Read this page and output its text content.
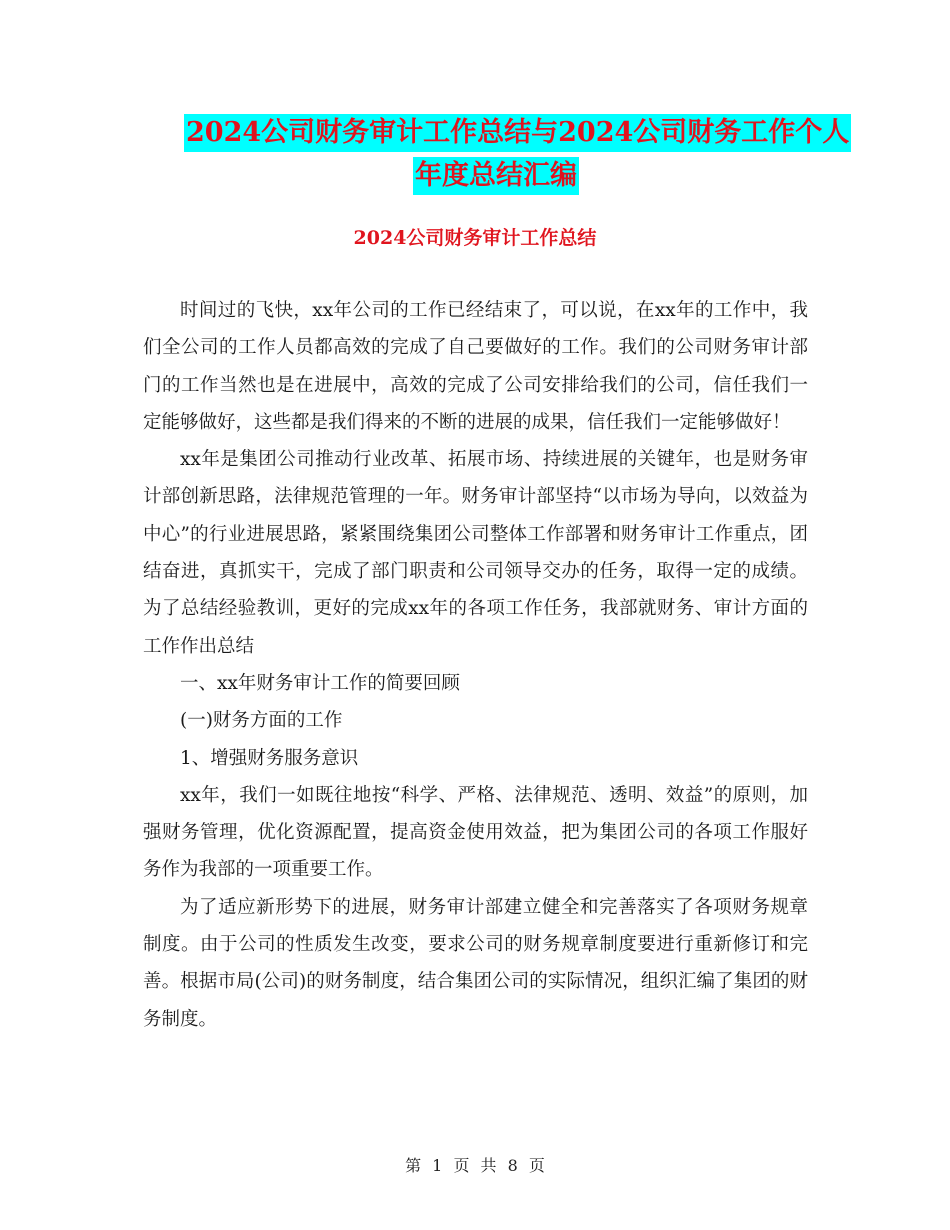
2024公司财务审计工作总结与2024公司财务工作个人
年度总结汇编
2024公司财务审计工作总结

时间过的飞快，xx年公司的工作已经结束了，可以说，在xx年的工作中，我们全公司的工作人员都高效的完成了自己要做好的工作。我们的公司财务审计部门的工作当然也是在进展中，高效的完成了公司安排给我们的公司，信任我们一定能够做好，这些都是我们得来的不断的进展的成果，信任我们一定能够做好！

xx年是集团公司推动行业改革、拓展市场、持续进展的关键年，也是财务审计部创新思路，法律规范管理的一年。财务审计部坚持“以市场为导向，以效益为中心”的行业进展思路，紧紧围绕集团公司整体工作部署和财务审计工作重点，团结奋进，真抓实干，完成了部门职责和公司领导交办的任务，取得一定的成绩。为了总结经验教训，更好的完成xx年的各项工作任务，我部就财务、审计方面的工作作出总结

一、xx年财务审计工作的简要回顾

(一)财务方面的工作

1、增强财务服务意识

xx年，我们一如既往地按“科学、严格、法律规范、透明、效益”的原则，加强财务管理，优化资源配置，提高资金使用效益，把为集团公司的各项工作服好务作为我部的一项重要工作。

为了适应新形势下的进展，财务审计部建立健全和完善落实了各项财务规章制度。由于公司的性质发生改变，要求公司的财务规章制度要进行重新修订和完善。根据市局(公司)的财务制度，结合集团公司的实际情况，组织汇编了集团的财务制度。

第 1 页 共 8 页
